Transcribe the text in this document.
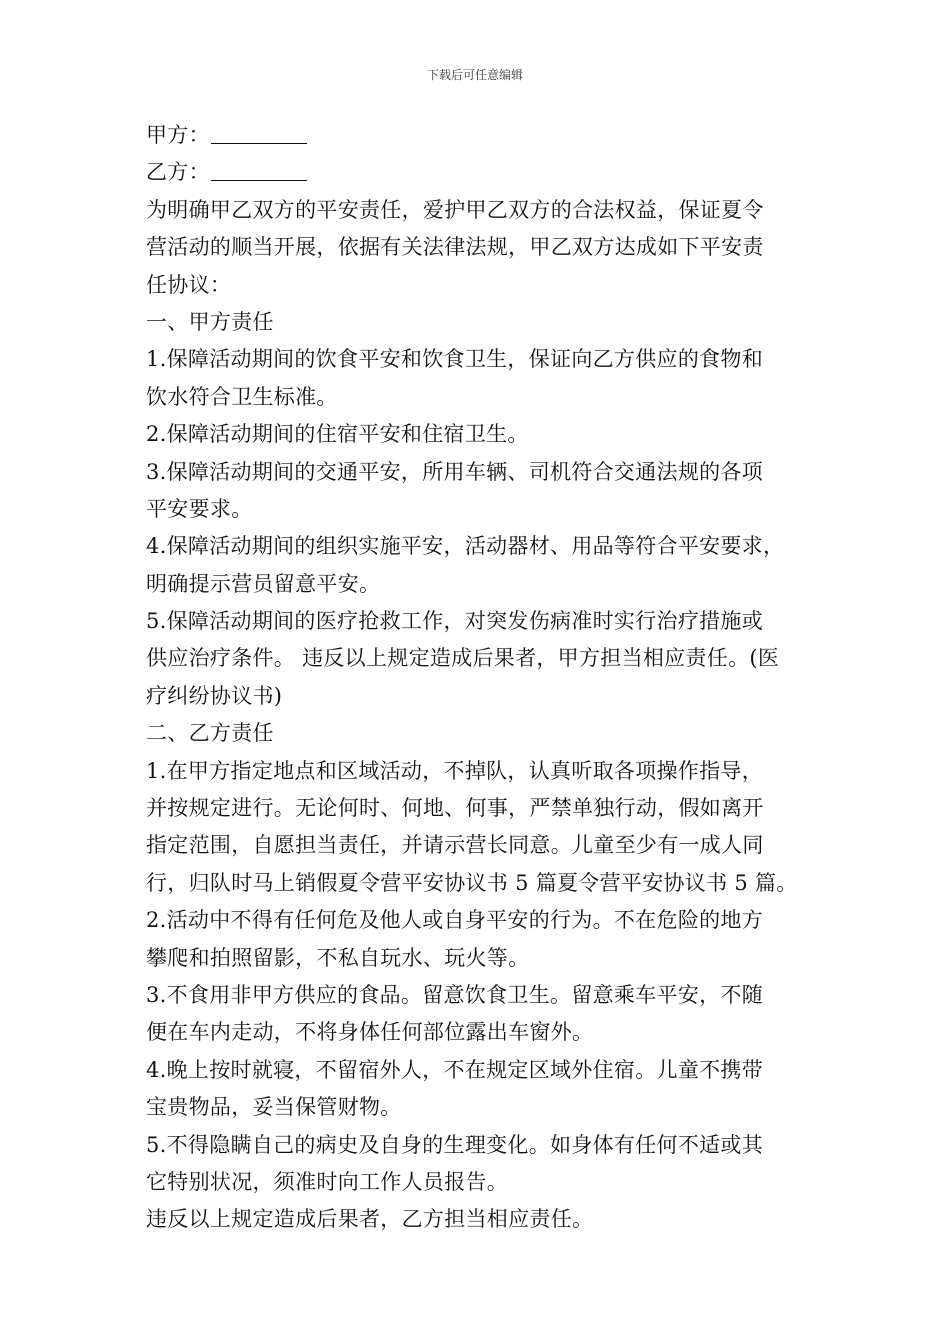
下载后可任意编辑
甲方：
乙方：
为明确甲乙双方的平安责任，爱护甲乙双方的合法权益，保证夏令
营活动的顺当开展，依据有关法律法规，甲乙双方达成如下平安责
任协议：
一、甲方责任
1.保障活动期间的饮食平安和饮食卫生，保证向乙方供应的食物和
饮水符合卫生标准。
2.保障活动期间的住宿平安和住宿卫生。
3.保障活动期间的交通平安，所用车辆、司机符合交通法规的各项
平安要求。
4.保障活动期间的组织实施平安，活动器材、用品等符合平安要求，
明确提示营员留意平安。
5.保障活动期间的医疗抢救工作，对突发伤病准时实行治疗措施或
供应治疗条件。 违反以上规定造成后果者，甲方担当相应责任。(医
疗纠纷协议书)
二、乙方责任
1.在甲方指定地点和区域活动，不掉队，认真听取各项操作指导，
并按规定进行。无论何时、何地、何事，严禁单独行动，假如离开
指定范围，自愿担当责任，并请示营长同意。儿童至少有一成人同
行，归队时马上销假夏令营平安协议书 5 篇夏令营平安协议书 5 篇。
2.活动中不得有任何危及他人或自身平安的行为。不在危险的地方
攀爬和拍照留影，不私自玩水、玩火等。
3.不食用非甲方供应的食品。留意饮食卫生。留意乘车平安，不随
便在车内走动，不将身体任何部位露出车窗外。
4.晚上按时就寝，不留宿外人，不在规定区域外住宿。儿童不携带
宝贵物品，妥当保管财物。
5.不得隐瞒自己的病史及自身的生理变化。如身体有任何不适或其
它特别状况，须准时向工作人员报告。
违反以上规定造成后果者，乙方担当相应责任。
